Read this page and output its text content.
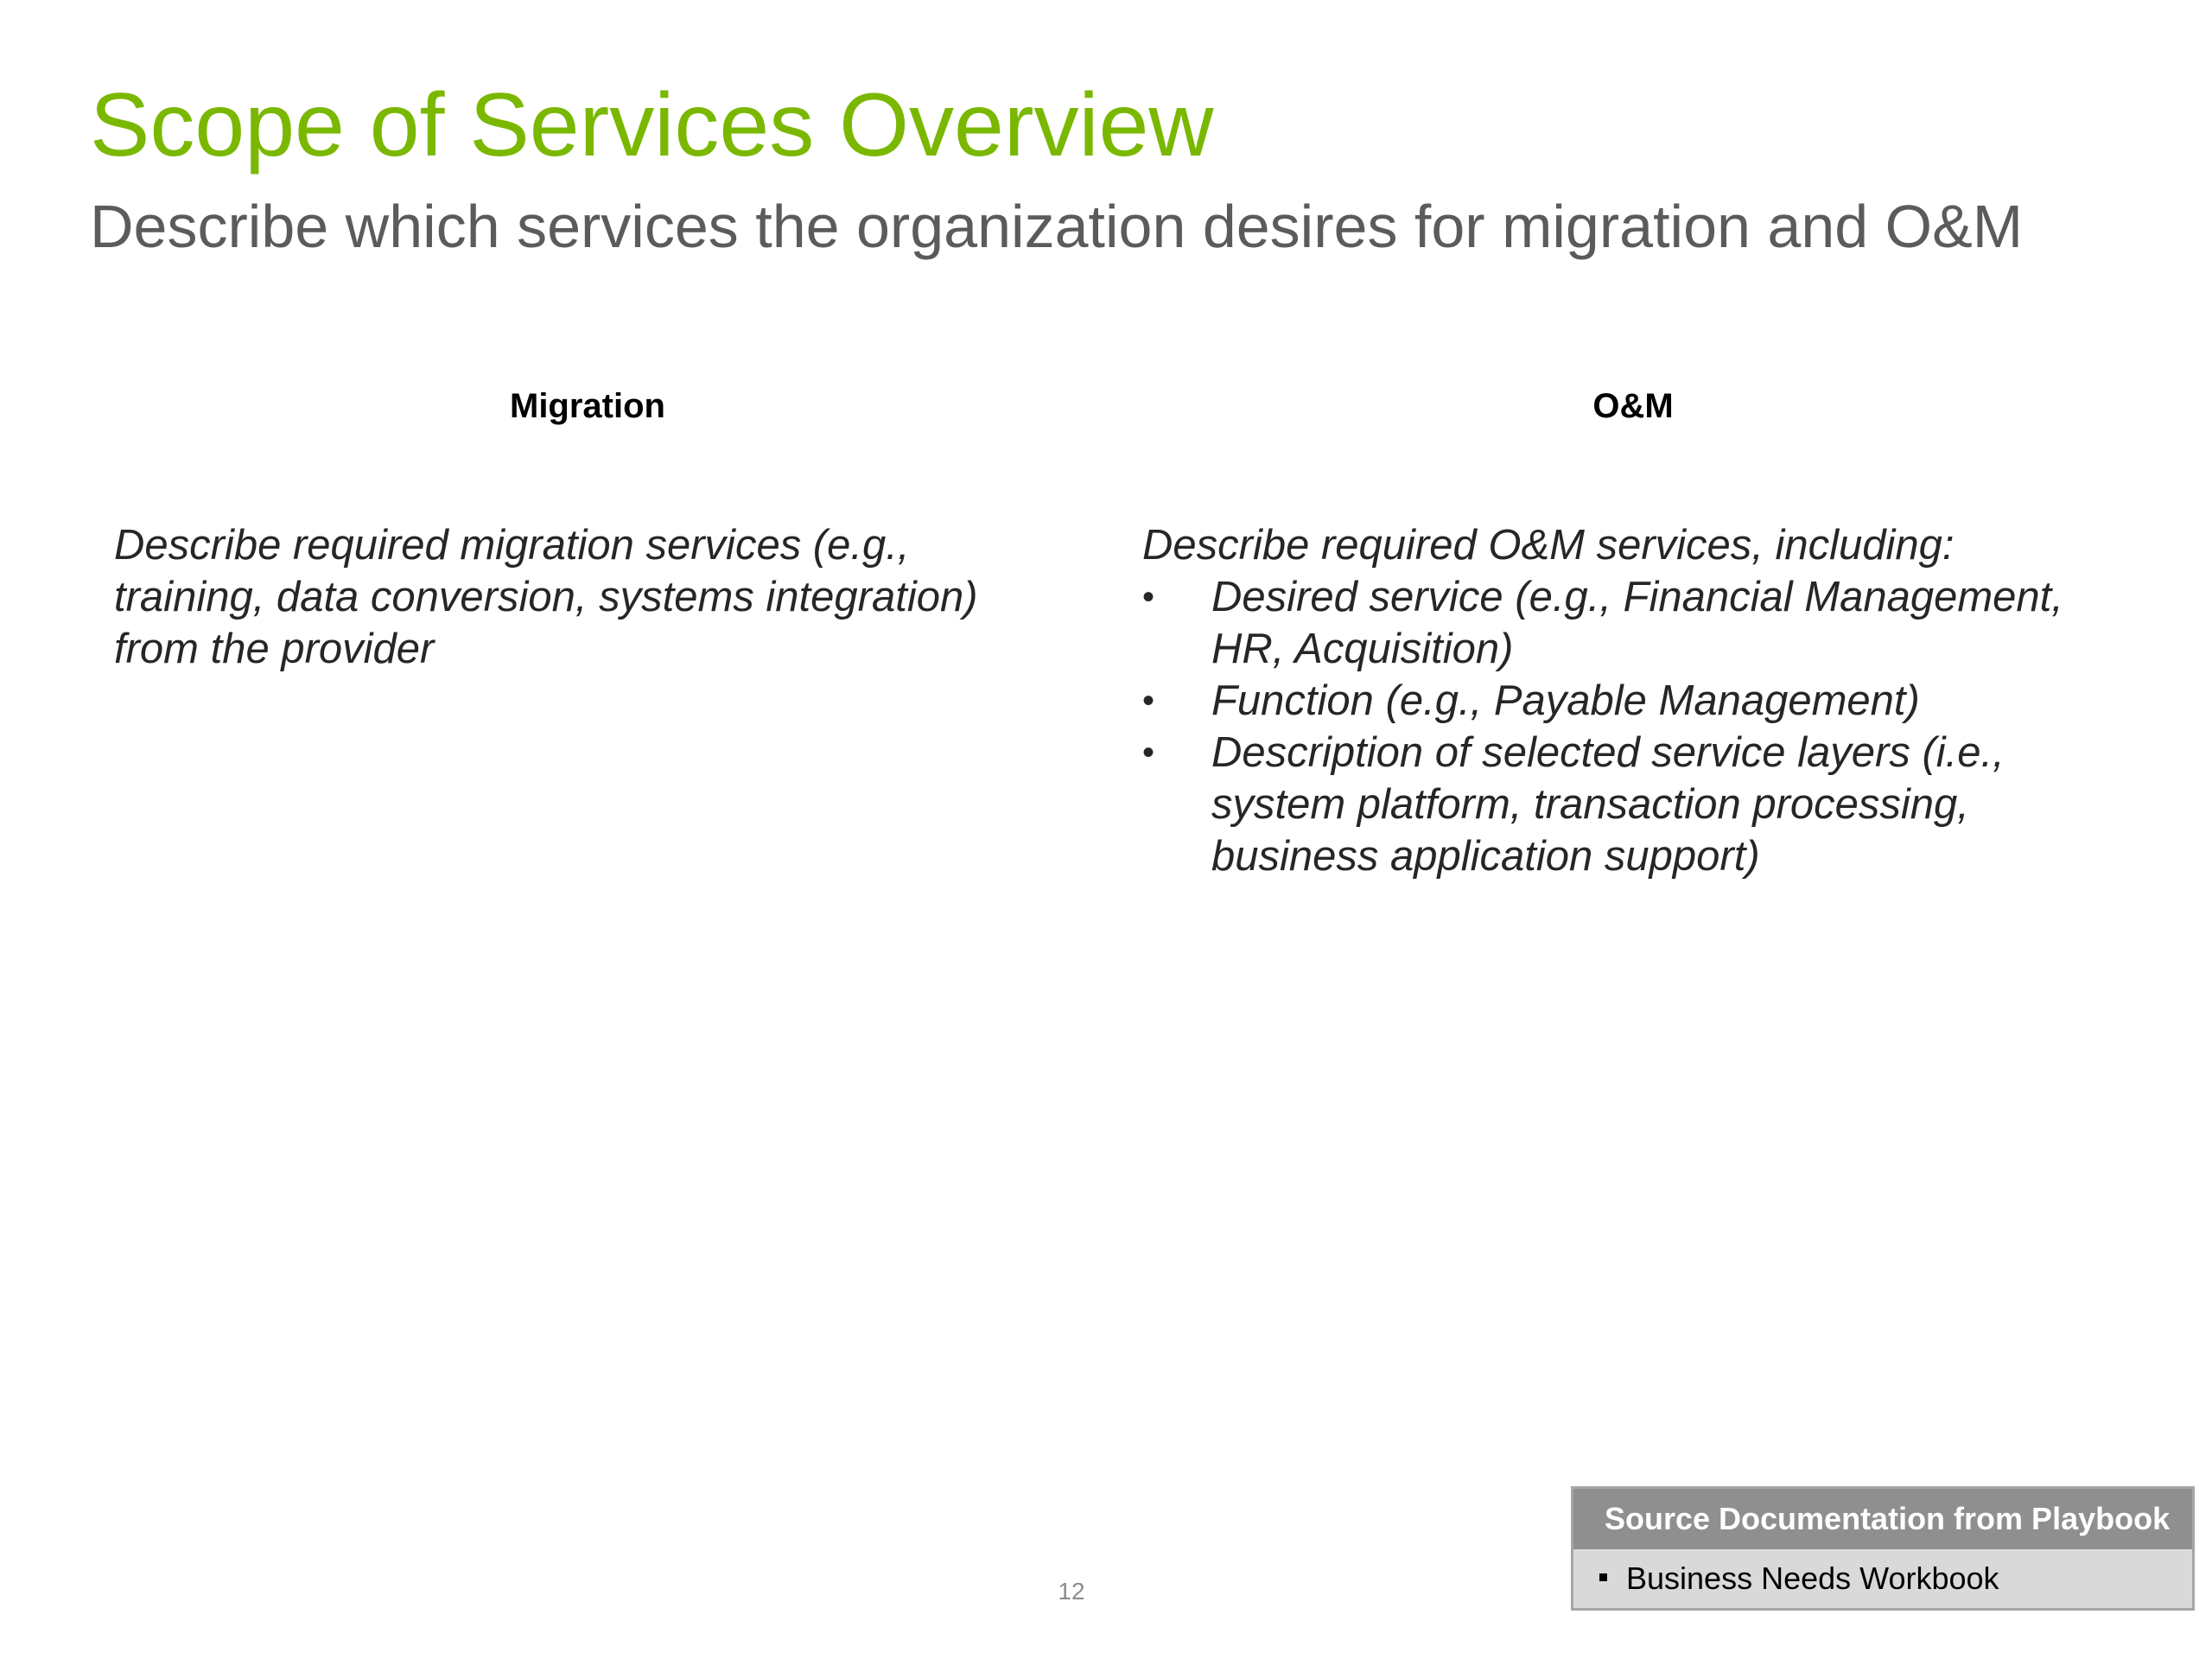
Scope of Services Overview
Describe which services the organization desires for migration and O&M
Migration	O&M
Describe required migration services (e.g.,
training, data conversion, systems integration)
from the provider

Describe required O&M services, including:

• Desired service (e.g., Financial Management,
HR, Acquisition)
• Function (e.g., Payable Management)
• Description of selected service layers (i.e.,
system platform, transaction processing,
business application support)
12
Source Documentation from Playbook
Business Needs Workbook
